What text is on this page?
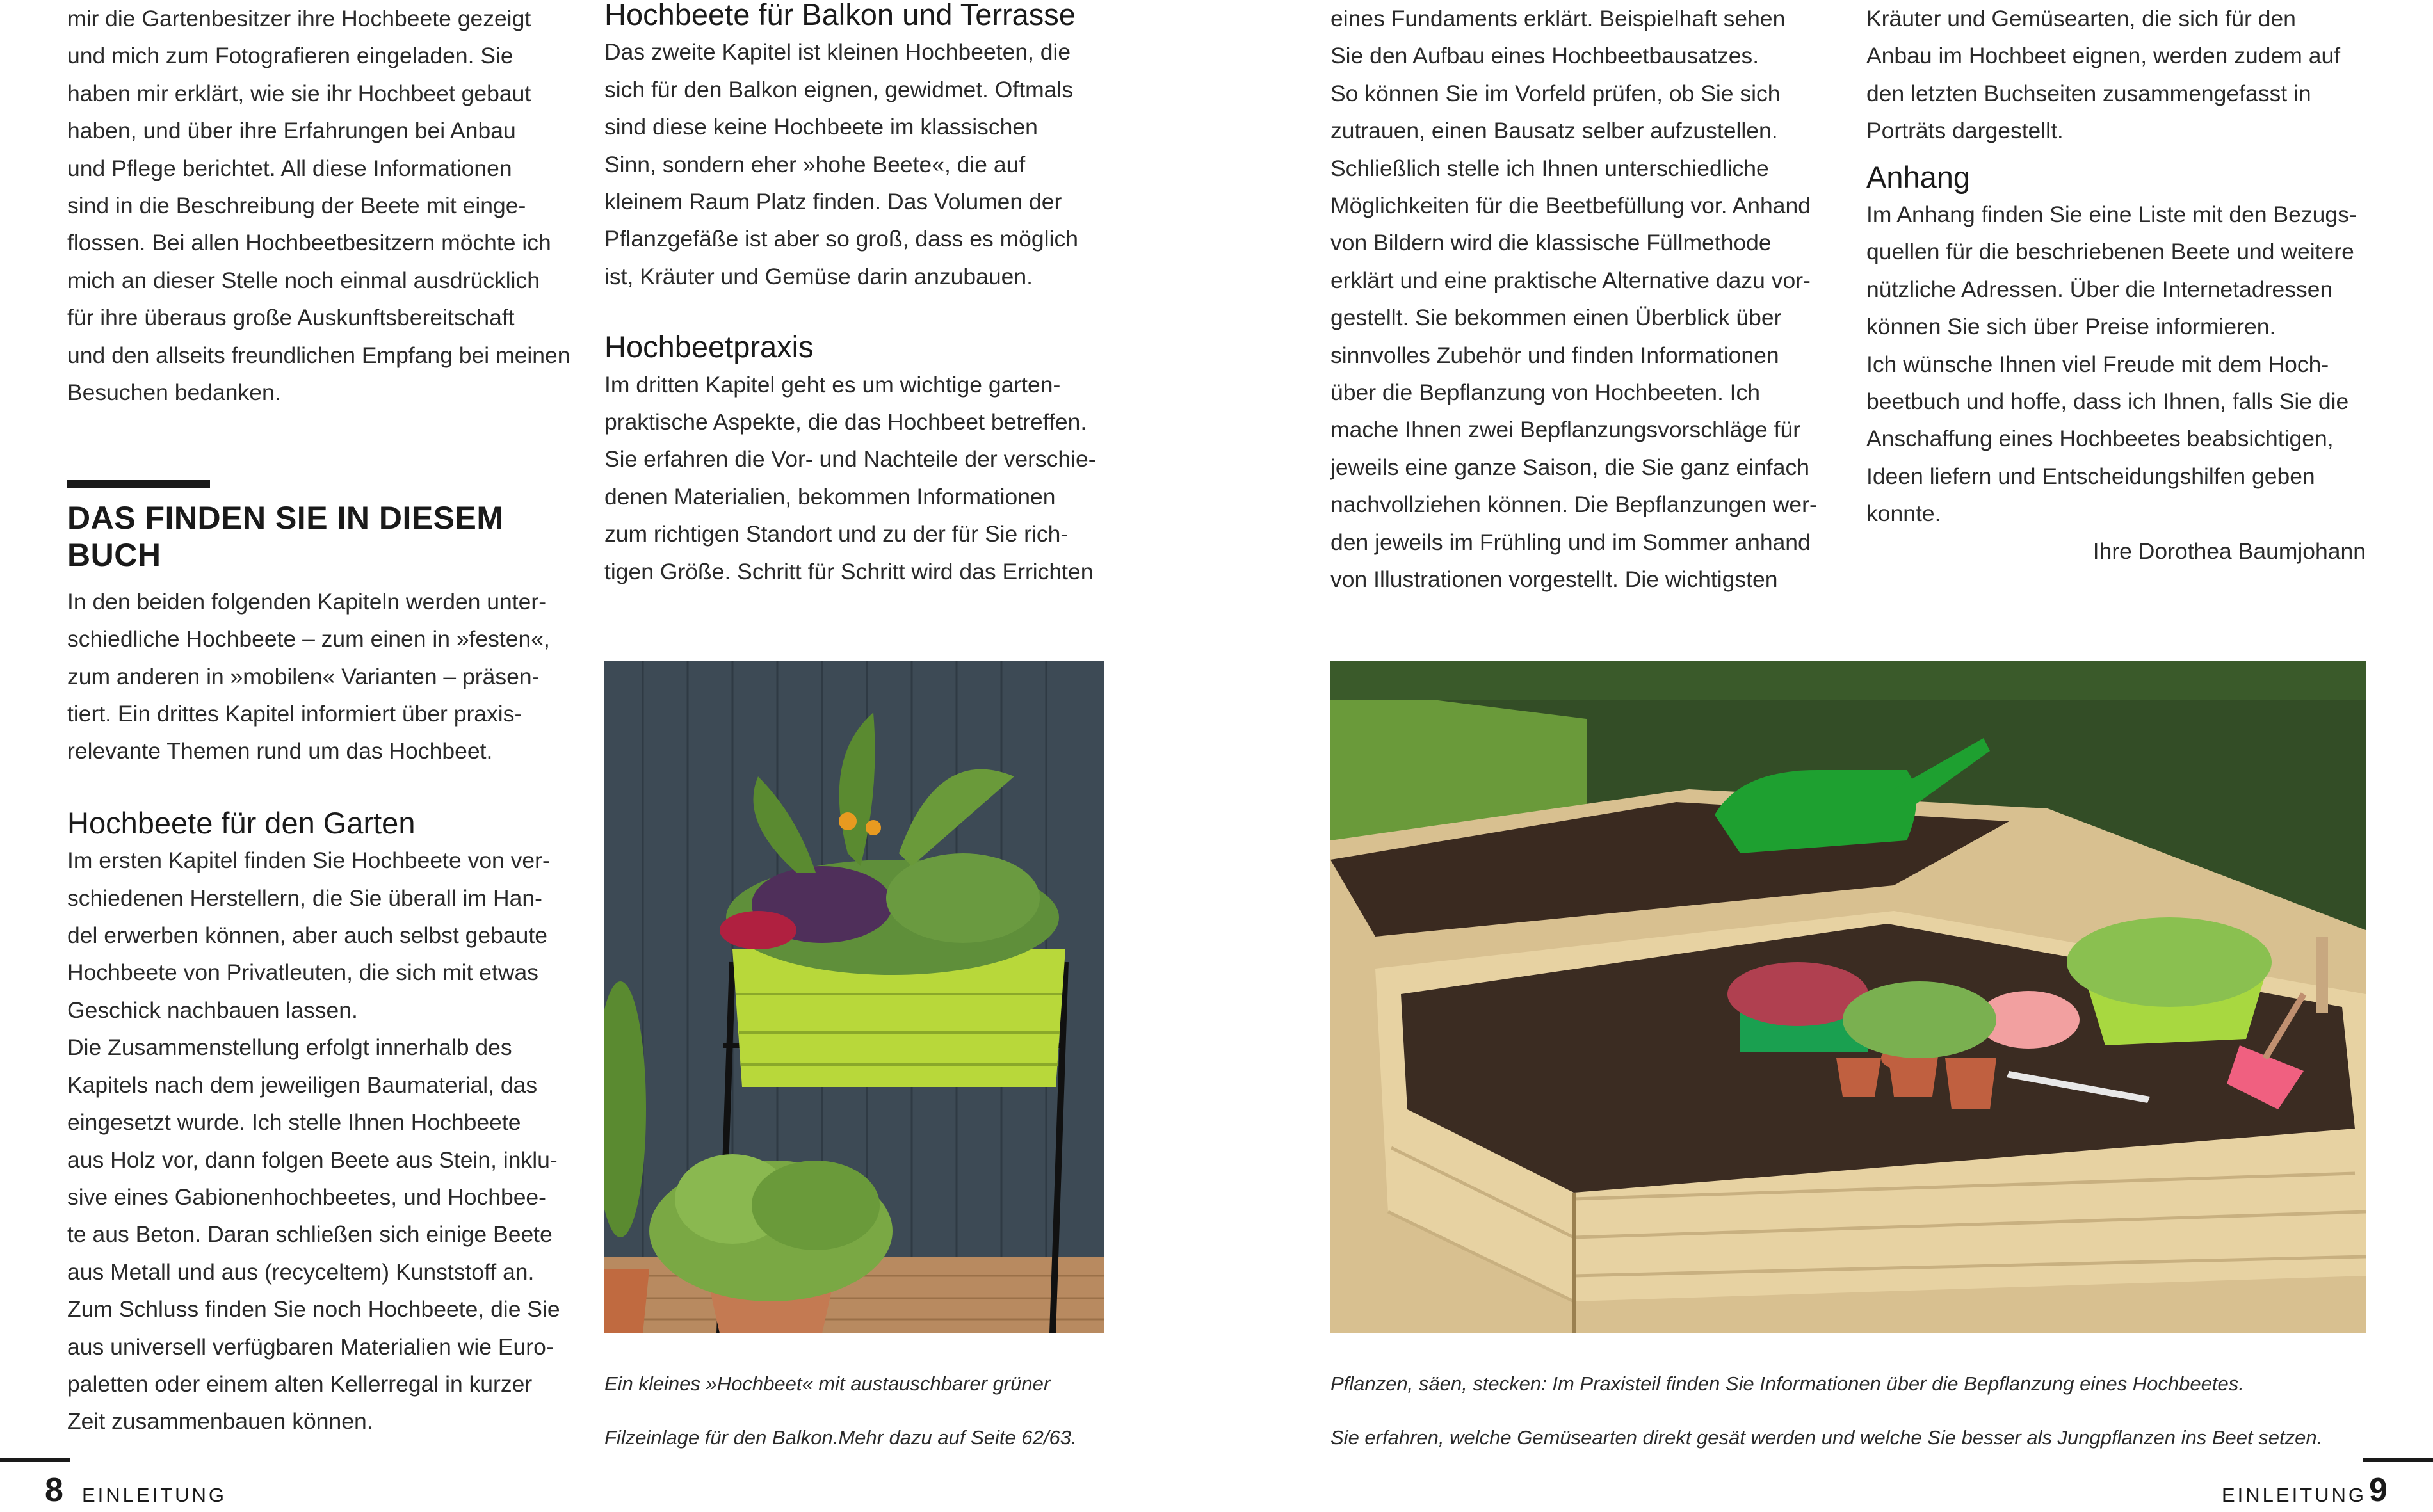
mir die Gartenbesitzer ihre Hochbeete gezeigt

und mich zum Fotografieren eingeladen. Sie

haben mir erklärt, wie sie ihr Hochbeet gebaut

haben, und über ihre Erfahrungen bei Anbau

und Pflege berichtet. All diese Informationen

sind in die Beschreibung der Beete mit einge-

flossen. Bei allen Hochbeetbesitzern möchte ich

mich an dieser Stelle noch einmal ausdrücklich

für ihre überaus große Auskunftsbereitschaft

und den allseits freundlichen Empfang bei meinen

Besuchen bedanken.

DAS FINDEN SIE IN DIESEM BUCH

In den beiden folgenden Kapiteln werden unter-

schiedliche Hochbeete – zum einen in »festen«,

zum anderen in »mobilen« Varianten – präsen-

tiert. Ein drittes Kapitel informiert über praxis-

relevante Themen rund um das Hochbeet.

Hochbeete für den Garten

Im ersten Kapitel finden Sie Hochbeete von ver-

schiedenen Herstellern, die Sie überall im Han-

del erwerben können, aber auch selbst gebaute

Hochbeete von Privatleuten, die sich mit etwas

Geschick nachbauen lassen.

Die Zusammenstellung erfolgt innerhalb des

Kapitels nach dem jeweiligen Baumaterial, das

eingesetzt wurde. Ich stelle Ihnen Hochbeete

aus Holz vor, dann folgen Beete aus Stein, inklu-

sive eines Gabionenhochbeetes, und Hochbee-

te aus Beton. Daran schließen sich einige Beete

aus Metall und aus (recyceltem) Kunststoff an.

Zum Schluss finden Sie noch Hochbeete, die Sie

aus universell verfügbaren Materialien wie Euro-

paletten oder einem alten Kellerregal in kurzer

Zeit zusammenbauen können.

Hochbeete für Balkon und Terrasse

Das zweite Kapitel ist kleinen Hochbeeten, die

sich für den Balkon eignen, gewidmet. Oftmals

sind diese keine Hochbeete im klassischen

Sinn, sondern eher »hohe Beete«, die auf

kleinem Raum Platz finden. Das Volumen der

Pflanzgefäße ist aber so groß, dass es möglich

ist, Kräuter und Gemüse darin anzubauen.

Hochbeetpraxis

Im dritten Kapitel geht es um wichtige garten-

praktische Aspekte, die das Hochbeet betreffen.

Sie erfahren die Vor- und Nachteile der verschie-

denen Materialien, bekommen Informationen

zum richtigen Standort und zu der für Sie rich-

tigen Größe. Schritt für Schritt wird das Errichten

Ein kleines »Hochbeet« mit austauschbarer grüner

Filzeinlage für den Balkon.Mehr dazu auf Seite 62/63.

eines Fundaments erklärt. Beispielhaft sehen

Sie den Aufbau eines Hochbeetbausatzes.

So können Sie im Vorfeld prüfen, ob Sie sich

zutrauen, einen Bausatz selber aufzustellen.

Schließlich stelle ich Ihnen unterschiedliche

Möglichkeiten für die Beetbefüllung vor. Anhand

von Bildern wird die klassische Füllmethode

erklärt und eine praktische Alternative dazu vor-

gestellt. Sie bekommen einen Überblick über

sinnvolles Zubehör und finden Informationen

über die Bepflanzung von Hochbeeten. Ich

mache Ihnen zwei Bepflanzungsvorschläge für

jeweils eine ganze Saison, die Sie ganz einfach

nachvollziehen können. Die Bepflanzungen wer-

den jeweils im Frühling und im Sommer anhand

von Illustrationen vorgestellt. Die wichtigsten

Kräuter und Gemüsearten, die sich für den

Anbau im Hochbeet eignen, werden zudem auf

den letzten Buchseiten zusammengefasst in

Porträts dargestellt.

Anhang

Im Anhang finden Sie eine Liste mit den Bezugs-

quellen für die beschriebenen Beete und weitere

nützliche Adressen. Über die Internetadressen

können Sie sich über Preise informieren.

Ich wünsche Ihnen viel Freude mit dem Hoch-

beetbuch und hoffe, dass ich Ihnen, falls Sie die

Anschaffung eines Hochbeetes beabsichtigen,

Ideen liefern und Entscheidungshilfen geben

konnte.

Ihre Dorothea Baumjohann

Pflanzen, säen, stecken: Im Praxisteil finden Sie Informationen über die Bepflanzung eines Hochbeetes.

Sie erfahren, welche Gemüsearten direkt gesät werden und welche Sie besser als Jungpflanzen ins Beet setzen.

8 EINLEITUNG	EINLEITUNG 9
